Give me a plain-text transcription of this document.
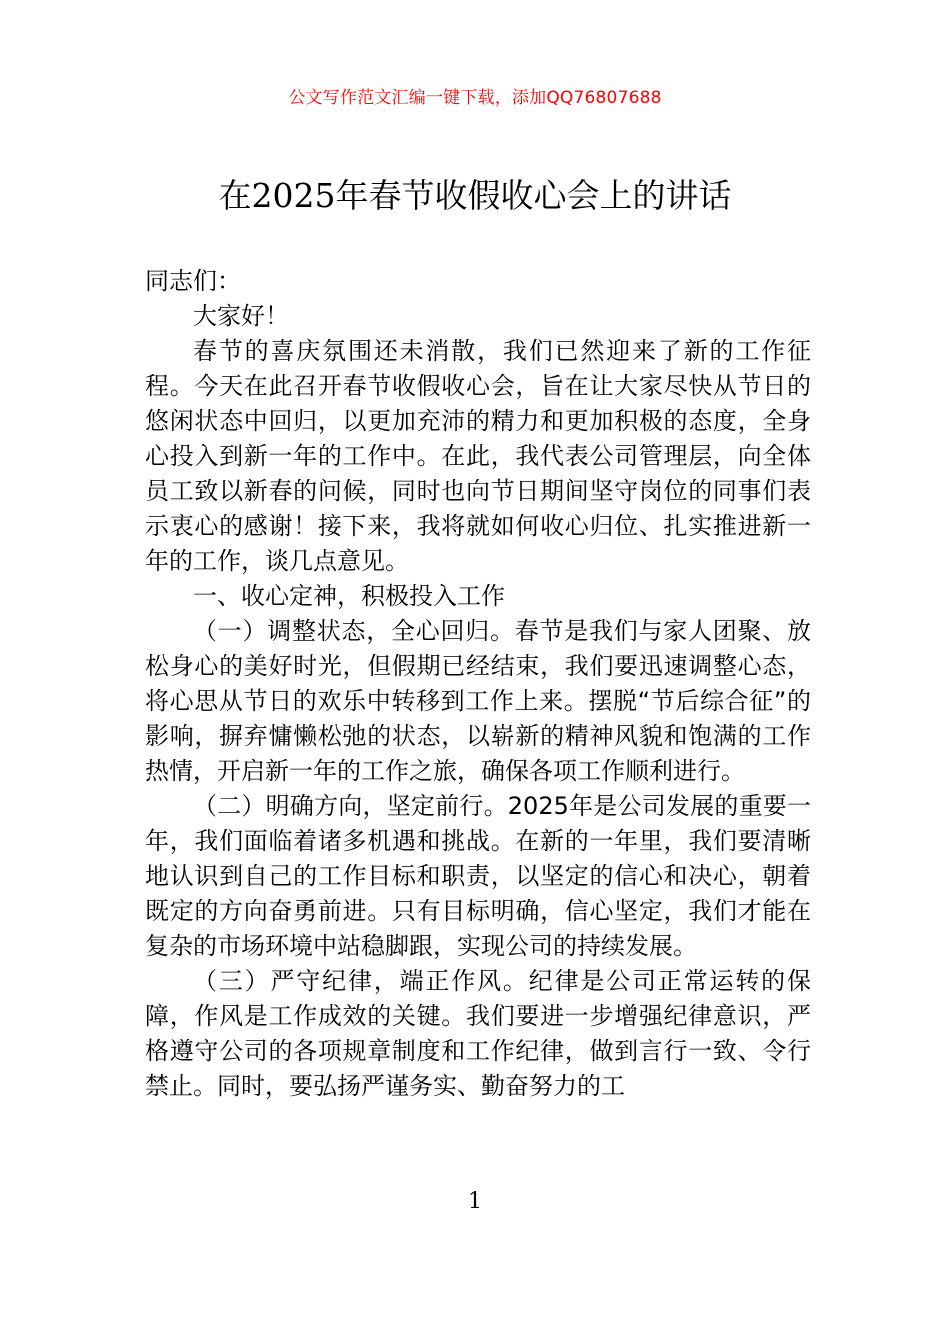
公文写作范文汇编一键下载，添加QQ76807688
在2025年春节收假收心会上的讲话

同志们：

大家好！

春节的喜庆氛围还未消散，我们已然迎来了新的工作征程。今天在此召开春节收假收心会，旨在让大家尽快从节日的悠闲状态中回归，以更加充沛的精力和更加积极的态度，全身心投入到新一年的工作中。在此，我代表公司管理层，向全体员工致以新春的问候，同时也向节日期间坚守岗位的同事们表示衷心的感谢！接下来，我将就如何收心归位、扎实推进新一年的工作，谈几点意见。

一、收心定神，积极投入工作

（一）调整状态，全心回归。春节是我们与家人团聚、放松身心的美好时光，但假期已经结束，我们要迅速调整心态，将心思从节日的欢乐中转移到工作上来。摆脱“节后综合征”的影响，摒弃慵懒松弛的状态，以崭新的精神风貌和饱满的工作热情，开启新一年的工作之旅，确保各项工作顺利进行。

（二）明确方向，坚定前行。2025年是公司发展的重要一年，我们面临着诸多机遇和挑战。在新的一年里，我们要清晰地认识到自己的工作目标和职责，以坚定的信心和决心，朝着既定的方向奋勇前进。只有目标明确，信心坚定，我们才能在复杂的市场环境中站稳脚跟，实现公司的持续发展。

（三）严守纪律，端正作风。纪律是公司正常运转的保障，作风是工作成效的关键。我们要进一步增强纪律意识，严格遵守公司的各项规章制度和工作纪律，做到言行一致、令行禁止。同时，要弘扬严谨务实、勤奋努力的工

1
